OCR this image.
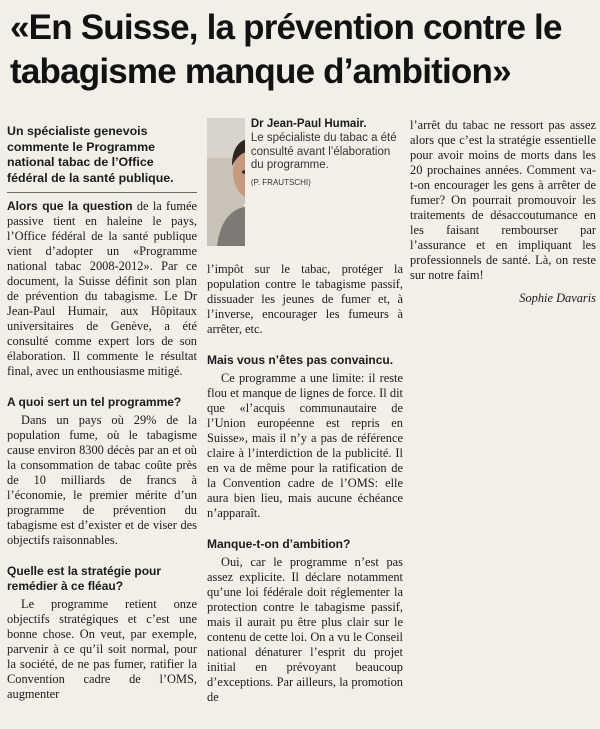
«En Suisse, la prévention contre le tabagisme manque d’ambition»
Un spécialiste genevois commente le Programme national tabac de l’Office fédéral de la santé publique.

Alors que la question de la fumée passive tient en haleine le pays, l’Office fédéral de la santé publique vient d’adopter un «Programme national tabac 2008-2012». Par ce document, la Suisse définit son plan de prévention du tabagisme. Le Dr Jean-Paul Humair, aux Hôpitaux universitaires de Genève, a été consulté comme expert lors de son élaboration. Il commente le résultat final, avec un enthousiasme mitigé.

A quoi sert un tel programme?

Dans un pays où 29% de la population fume, où le tabagisme cause environ 8300 décès par an et où la consommation de tabac coûte près de 10 milliards de francs à l’économie, le premier mérite d’un programme de prévention du tabagisme est d’exister et de viser des objectifs raisonnables.

Quelle est la stratégie pour remédier à ce fléau?

Le programme retient onze objectifs stratégiques et c’est une bonne chose. On veut, par exemple, parvenir à ce qu’il soit normal, pour la société, de ne pas fumer, ratifier la Convention cadre de l’OMS, augmenter

Dr Jean-Paul Humair.
Le spécialiste du tabac a été consulté avant l’élaboration du programme.
(P. FRAUTSCHI)

l’impôt sur le tabac, protéger la population contre le tabagisme passif, dissuader les jeunes de fumer et, à l’inverse, encourager les fumeurs à arrêter, etc.

Mais vous n’êtes pas convaincu.

Ce programme a une limite: il reste flou et manque de lignes de force. Il dit que «l’acquis communautaire de l’Union européenne est repris en Suisse», mais il n’y a pas de référence claire à l’interdiction de la publicité. Il en va de même pour la ratification de la Convention cadre de l’OMS: elle aura bien lieu, mais aucune échéance n’apparaît.

Manque-t-on d’ambition?

Oui, car le programme n’est pas assez explicite. Il déclare notamment qu’une loi fédérale doit réglementer la protection contre le tabagisme passif, mais il aurait pu être plus clair sur le contenu de cette loi. On a vu le Conseil national dénaturer l’esprit du projet initial en prévoyant beaucoup d’exceptions. Par ailleurs, la promotion de

l’arrêt du tabac ne ressort pas assez alors que c’est la stratégie essentielle pour avoir moins de morts dans les 20 prochaines années. Comment va-t-on encourager les gens à arrêter de fumer? On pourrait promouvoir les traitements de désaccoutumance en les faisant rembourser par l’assurance et en impliquant les professionnels de santé. Là, on reste sur notre faim!

Sophie Davaris
